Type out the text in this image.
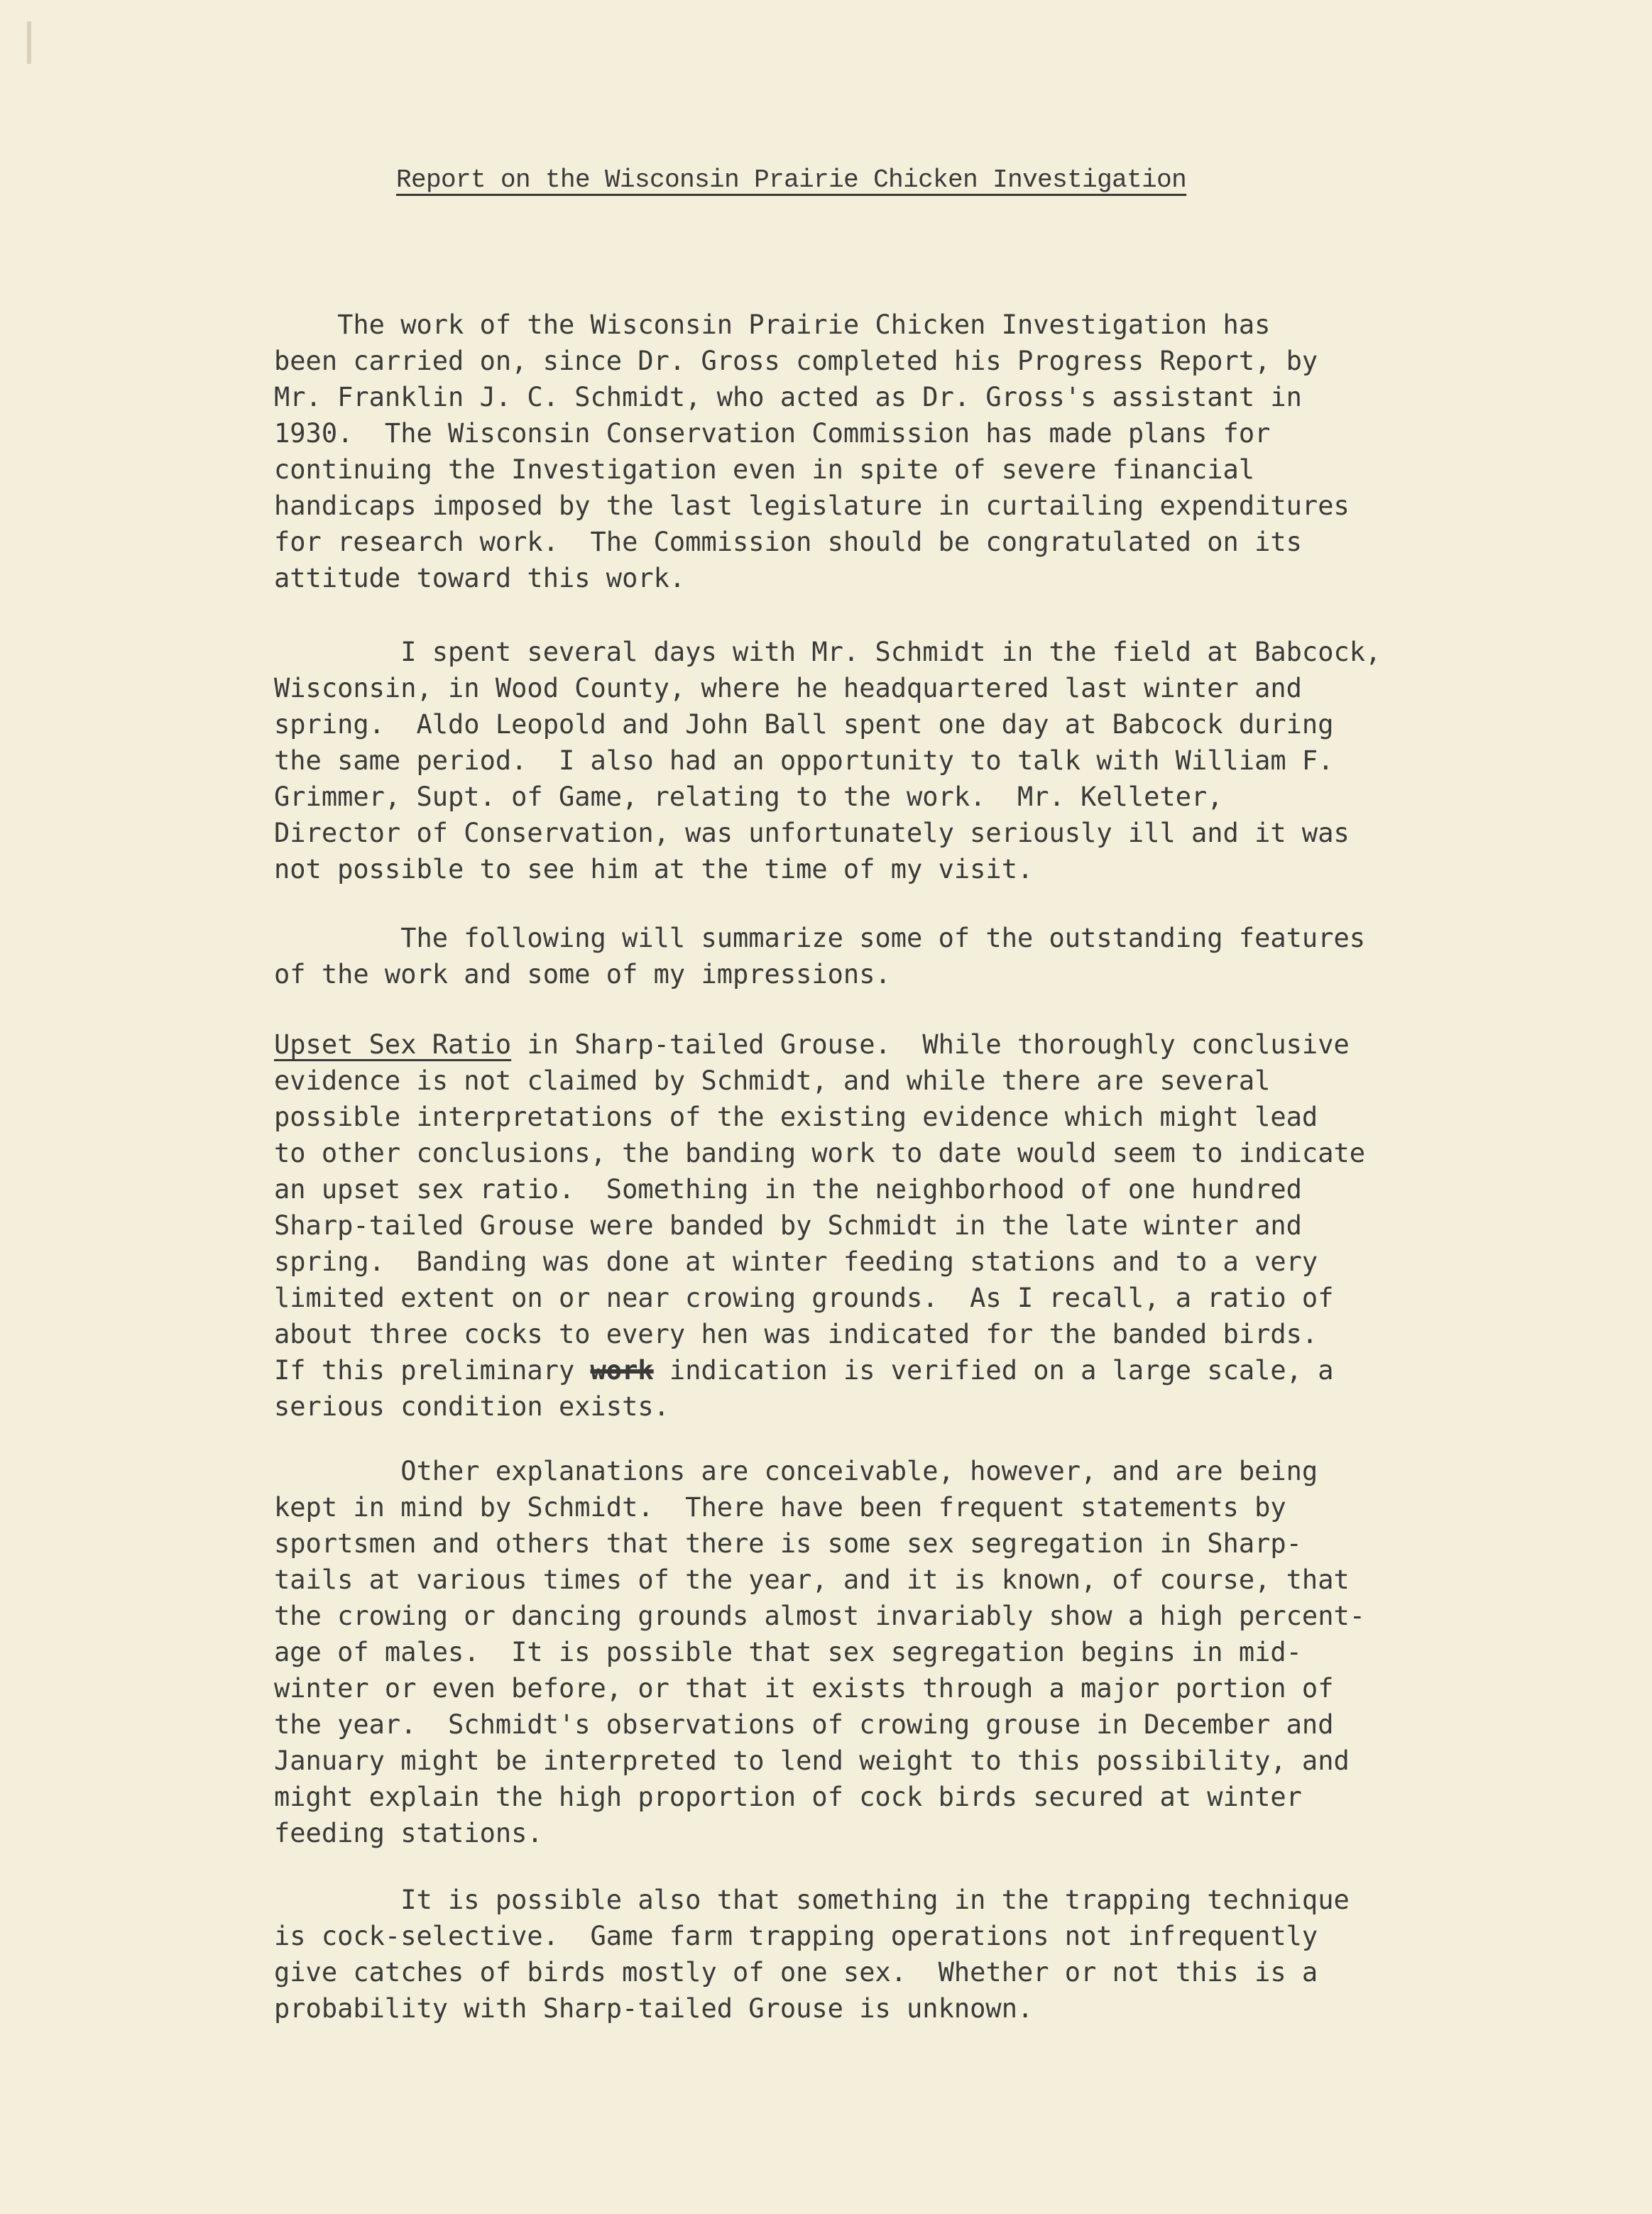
Report on the Wisconsin Prairie Chicken Investigation
The work of the Wisconsin Prairie Chicken Investigation has
been carried on, since Dr. Gross completed his Progress Report, by
Mr. Franklin J. C. Schmidt, who acted as Dr. Gross's assistant in
1930.  The Wisconsin Conservation Commission has made plans for
continuing the Investigation even in spite of severe financial
handicaps imposed by the last legislature in curtailing expenditures
for research work.  The Commission should be congratulated on its
attitude toward this work.
I spent several days with Mr. Schmidt in the field at Babcock,
Wisconsin, in Wood County, where he headquartered last winter and
spring.  Aldo Leopold and John Ball spent one day at Babcock during
the same period.  I also had an opportunity to talk with William F.
Grimmer, Supt. of Game, relating to the work.  Mr. Kelleter,
Director of Conservation, was unfortunately seriously ill and it was
not possible to see him at the time of my visit.
The following will summarize some of the outstanding features
of the work and some of my impressions.
Upset Sex Ratio in Sharp-tailed Grouse.  While thoroughly conclusive
evidence is not claimed by Schmidt, and while there are several
possible interpretations of the existing evidence which might lead
to other conclusions, the banding work to date would seem to indicate
an upset sex ratio.  Something in the neighborhood of one hundred
Sharp-tailed Grouse were banded by Schmidt in the late winter and
spring.  Banding was done at winter feeding stations and to a very
limited extent on or near crowing grounds.  As I recall, a ratio of
about three cocks to every hen was indicated for the banded birds.
If this preliminary work indication is verified on a large scale, a
serious condition exists.
Other explanations are conceivable, however, and are being
kept in mind by Schmidt.  There have been frequent statements by
sportsmen and others that there is some sex segregation in Sharp-
tails at various times of the year, and it is known, of course, that
the crowing or dancing grounds almost invariably show a high percent-
age of males.  It is possible that sex segregation begins in mid-
winter or even before, or that it exists through a major portion of
the year.  Schmidt's observations of crowing grouse in December and
January might be interpreted to lend weight to this possibility, and
might explain the high proportion of cock birds secured at winter
feeding stations.
It is possible also that something in the trapping technique
is cock-selective.  Game farm trapping operations not infrequently
give catches of birds mostly of one sex.  Whether or not this is a
probability with Sharp-tailed Grouse is unknown.
